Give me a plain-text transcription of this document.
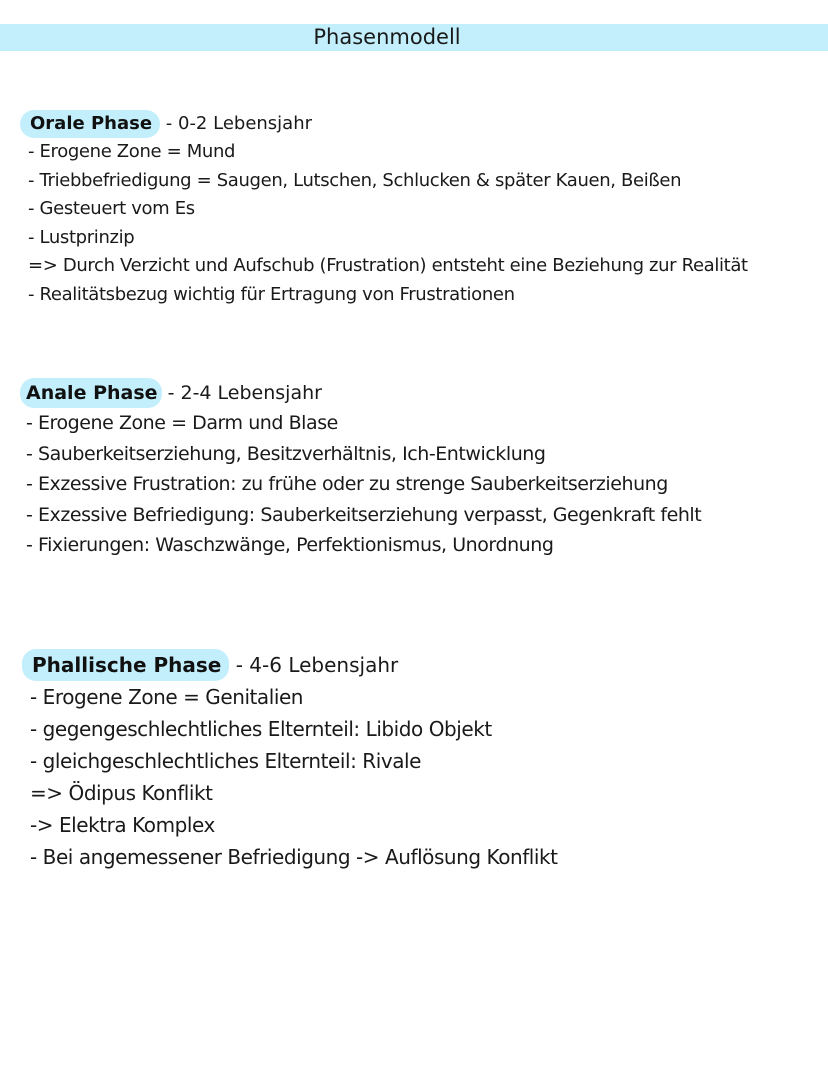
Phasenmodell
Orale Phase - 0-2 Lebensjahr
- Erogene Zone = Mund
- Triebbefriedigung = Saugen, Lutschen, Schlucken & später Kauen, Beißen
- Gesteuert vom Es
- Lustprinzip
=> Durch Verzicht und Aufschub (Frustration) entsteht eine Beziehung zur Realität
- Realitätsbezug wichtig für Ertragung von Frustrationen
Anale Phase - 2-4 Lebensjahr
- Erogene Zone = Darm und Blase
- Sauberkeitserziehung, Besitzverhältnis, Ich-Entwicklung
- Exzessive Frustration: zu frühe oder zu strenge Sauberkeitserziehung
- Exzessive Befriedigung: Sauberkeitserziehung verpasst, Gegenkraft fehlt
- Fixierungen: Waschzwänge, Perfektionismus, Unordnung
Phallische Phase - 4-6 Lebensjahr
- Erogene Zone = Genitalien
- gegengeschlechtliches Elternteil: Libido Objekt
- gleichgeschlechtliches Elternteil: Rivale
=> Ödipus Konflikt
-> Elektra Komplex
- Bei angemessener Befriedigung -> Auflösung Konflikt
